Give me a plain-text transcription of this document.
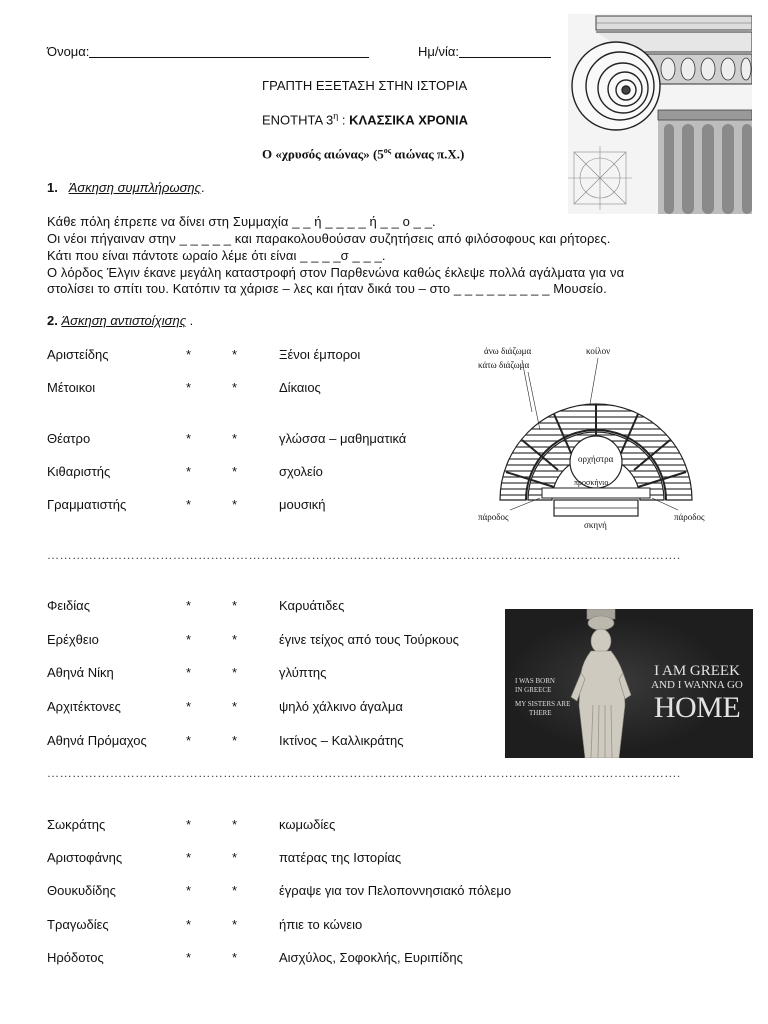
Όνομα:	Ημ/νία:
ΓΡΑΠΤΗ ΕΞΕΤΑΣΗ ΣΤΗΝ ΙΣΤΟΡΙΑ
ΕΝΟΤΗΤΑ $3^\eta$ : ΚΛΑΣΣΙΚΑ ΧΡΟΝΙΑ
Ο «χρυσός αιώνας» ($5^{o\varsigma}$ αιώνας π.Χ.)
1. Άσκηση συμπλήρωσης.
Κάθε πόλη έπρεπε να δίνει στη Συμμαχία _ _ ή _ _ _ _ ή _ _ ο _ _.
Οι νέοι πήγαιναν στην _ _ _ _ _ και παρακολουθούσαν συζητήσεις από φιλόσοφους και ρήτορες.
Κάτι που είναι πάντοτε ωραίο λέμε ότι είναι _ _ _ _σ _ _ _.
Ο λόρδος Έλγιν έκανε μεγάλη καταστροφή στον Παρθενώνα καθώς έκλεψε πολλά αγάλματα για να
στολίσει το σπίτι του. Κατόπιν τα χάρισε – λες και ήταν δικά του – στο _ _ _ _ _ _ _ _ _ Μουσείο.
2. Άσκηση αντιστοίχισης .
Αριστείδης	*	*	Ξένοι έμποροι
Μέτοικοι	*	*	Δίκαιος
Θέατρο	*	*	γλώσσα – μαθηματικά
Κιθαριστής	*	*	σχολείο
Γραμματιστής	*	*	μουσική
άνω διάζωμα	κοίλον
κάτω διάζωμα
ορχήστρα
προσκήνιο
σκηνή
πάροδος	πάροδος
…………………………………………………………………………………………………………………………………….
Φειδίας	*	*	Καρυάτιδες
Ερέχθειο	*	*	έγινε τείχος από τους Τούρκους
Αθηνά Νίκη	*	*	γλύπτης
Αρχιτέκτονες	*	*	ψηλό χάλκινο άγαλμα
Αθηνά Πρόμαχος	*	*	Ικτίνος – Καλλικράτης
I WAS BORN
IN GREECE
MY SISTERS ARE
THERE
I AM GREEK
AND I WANNA GO
HOME
…………………………………………………………………………………………………………………………………….
Σωκράτης	*	*	κωμωδίες
Αριστοφάνης	*	*	πατέρας της Ιστορίας
Θουκυδίδης	*	*	έγραψε για τον Πελοποννησιακό πόλεμο
Τραγωδίες	*	*	ήπιε το κώνειο
Ηρόδοτος	*	*	Αισχύλος, Σοφοκλής, Ευριπίδης
